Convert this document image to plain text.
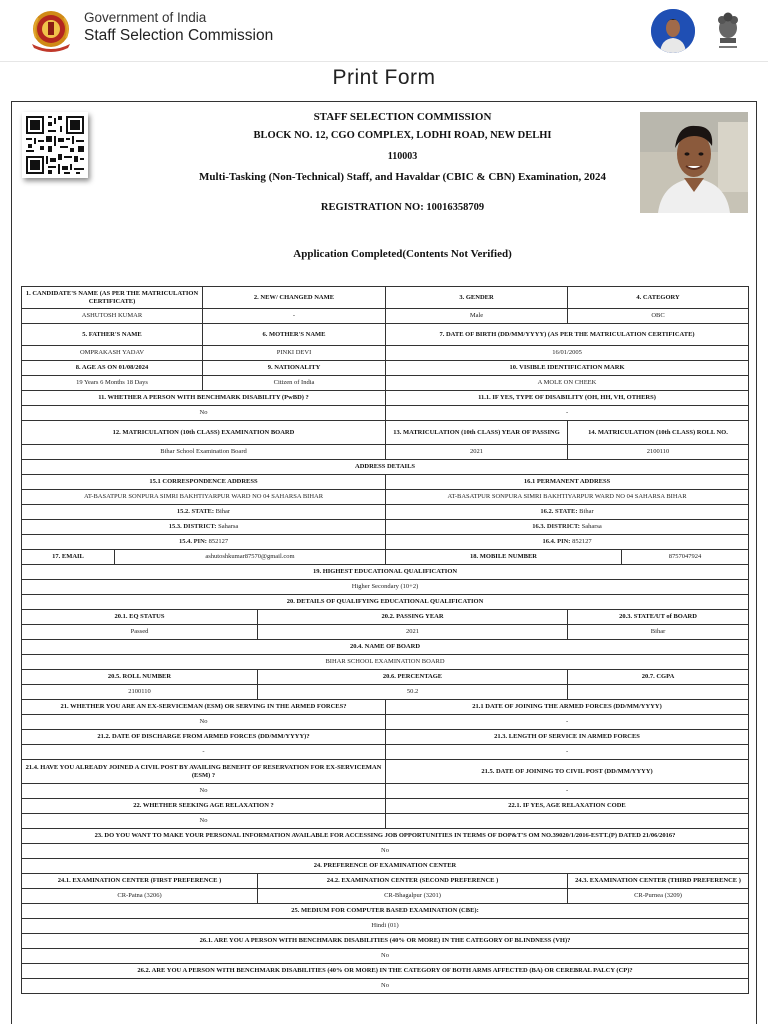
Government of India
Staff Selection Commission
Print Form
STAFF SELECTION COMMISSION
BLOCK NO. 12, CGO COMPLEX, LODHI ROAD, NEW DELHI
110003
Multi-Tasking (Non-Technical) Staff, and Havaldar (CBIC & CBN) Examination, 2024
REGISTRATION NO: 10016358709
Application Completed(Contents Not Verified)
1. CANDIDATE'S NAME (AS PER THE MATRICULATION CERTIFICATE)		2. NEW/ CHANGED NAME		3. GENDER	4. CATEGORY	
ASHUTOSH KUMAR		-		Male	OBC	
5. FATHER'S NAME		6. MOTHER'S NAME		7. DATE OF BIRTH (DD/MM/YYYY) (AS PER THE MATRICULATION CERTIFICATE)		
OMPRAKASH YADAV		PINKI DEVI		16/01/2005		
8. AGE AS ON 01/08/2024		9. NATIONALITY		10. VISIBLE IDENTIFICATION MARK		
19 Years 6 Months 18 Days		Citizen of India		A MOLE ON CHEEK		
11. WHETHER A PERSON WITH BENCHMARK DISABILITY (PwBD) ?				11.1. IF YES, TYPE OF DISABILITY (OH, HH, VH, OTHERS)		
No				-		
12. MATRICULATION (10th CLASS) EXAMINATION BOARD				13. MATRICULATION (10th CLASS) YEAR OF PASSING	14. MATRICULATION (10th CLASS) ROLL NO.	
Bihar School Examination Board				2021	2100110	
ADDRESS DETAILS						
15.1 CORRESPONDENCE ADDRESS				16.1 PERMANENT ADDRESS		
AT-BASATPUR SONPURA SIMRI BAKHTIYARPUR WARD NO 04 SAHARSA BIHAR				AT-BASATPUR SONPURA SIMRI BAKHTIYARPUR WARD NO 04 SAHARSA BIHAR		
15.2. STATE: Bihar				16.2. STATE: Bihar		
15.3. DISTRICT: Saharsa				16.3. DISTRICT: Saharsa		
15.4. PIN: 852127				16.4. PIN: 852127		
17. EMAIL	ashutoshkumar87570@gmail.com			18. MOBILE NUMBER		8757047924
19. HIGHEST EDUCATIONAL QUALIFICATION						
Higher Secondary (10+2)						
20. DETAILS OF QUALIFYING EDUCATIONAL QUALIFICATION						
20.1. EQ STATUS			20.2. PASSING YEAR		20.3. STATE/UT of BOARD	
Passed			2021		Bihar	
20.4. NAME OF BOARD						
BIHAR SCHOOL EXAMINATION BOARD						
20.5. ROLL NUMBER			20.6. PERCENTAGE		20.7. CGPA	
2100110			50.2			
21. WHETHER YOU ARE AN EX-SERVICEMAN (ESM) OR SERVING IN THE ARMED FORCES?				21.1 DATE OF JOINING THE ARMED FORCES (DD/MM/YYYY)		
No				-		
21.2. DATE OF DISCHARGE FROM ARMED FORCES (DD/MM/YYYY)?				21.3. LENGTH OF SERVICE IN ARMED FORCES		
-				-		
21.4. HAVE YOU ALREADY JOINED A CIVIL POST BY AVAILING BENEFIT OF RESERVATION FOR EX-SERVICEMAN (ESM) ?				21.5. DATE OF JOINING TO CIVIL POST (DD/MM/YYYY)		
No				-		
22. WHETHER SEEKING AGE RELAXATION ?				22.1. IF YES, AGE RELAXATION CODE		
No						
23. DO YOU WANT TO MAKE YOUR PERSONAL INFORMATION AVAILABLE FOR ACCESSING JOB OPPORTUNITIES IN TERMS OF DOP&T'S OM NO.39020/1/2016-ESTT.(P) DATED 21/06/2016?						
No						
24. PREFERENCE OF EXAMINATION CENTER						
24.1. EXAMINATION CENTER (FIRST PREFERENCE )			24.2. EXAMINATION CENTER (SECOND PREFERENCE )		24.3. EXAMINATION CENTER (THIRD PREFERENCE )	
CR-Patna (3206)			CR-Bhagalpur (3201)		CR-Purnea (3209)	
25. MEDIUM FOR COMPUTER BASED EXAMINATION (CBE):						
Hindi (01)						
26.1. ARE YOU A PERSON WITH BENCHMARK DISABILITIES (40% OR MORE) IN THE CATEGORY OF BLINDNESS (VH)?						
No						
26.2. ARE YOU A PERSON WITH BENCHMARK DISABILITIES (40% OR MORE) IN THE CATEGORY OF BOTH ARMS AFFECTED (BA) OR CEREBRAL PALCY (CP)?						
No						
